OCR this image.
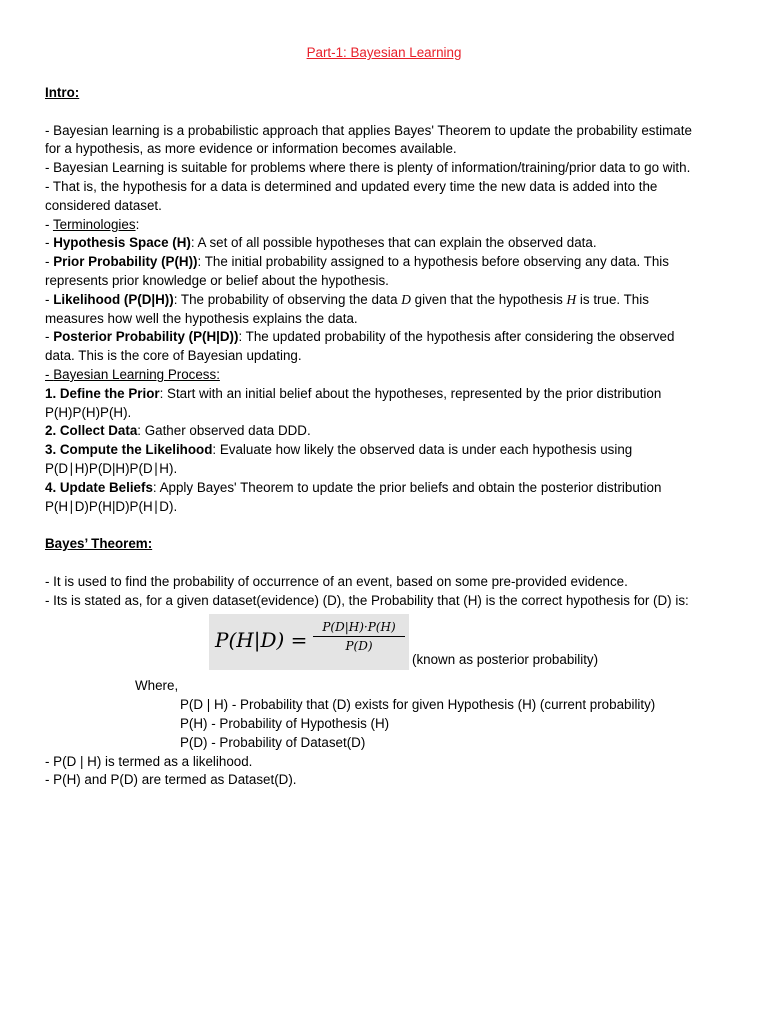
Part-1: Bayesian Learning
Intro:
- Bayesian learning is a probabilistic approach that applies Bayes' Theorem to update the probability estimate
for a hypothesis, as more evidence or information becomes available.
- Bayesian Learning is suitable for problems where there is plenty of information/training/prior data to go with.
- That is, the hypothesis for a data is determined and updated every time the new data is added into the
considered dataset.
- Terminologies:
- Hypothesis Space (H): A set of all possible hypotheses that can explain the observed data.
- Prior Probability (P(H)): The initial probability assigned to a hypothesis before observing any data. This
represents prior knowledge or belief about the hypothesis.
- Likelihood (P(D|H)): The probability of observing the data D given that the hypothesis H is true. This
measures how well the hypothesis explains the data.
- Posterior Probability (P(H|D)): The updated probability of the hypothesis after considering the observed
data. This is the core of Bayesian updating.
- Bayesian Learning Process:
1. Define the Prior: Start with an initial belief about the hypotheses, represented by the prior distribution
P(H)P(H)P(H).
2. Collect Data: Gather observed data DDD.
3. Compute the Likelihood: Evaluate how likely the observed data is under each hypothesis using
P(D∣H)P(D|H)P(D∣H).
4. Update Beliefs: Apply Bayes' Theorem to update the prior beliefs and obtain the posterior distribution
P(H∣D)P(H|D)P(H∣D).
Bayes’ Theorem:
- It is used to find the probability of occurrence of an event, based on some pre-provided evidence.
- Its is stated as, for a given dataset(evidence) (D), the Probability that (H) is the correct hypothesis for (D) is:
$P(H|D) = \frac{P(D|H)\cdot P(H)}{P(D)}$
(known as posterior probability)
Where,
P(D | H) - Probability that (D) exists for given Hypothesis (H) (current probability)
P(H) - Probability of Hypothesis (H)
P(D) - Probability of Dataset(D)
- P(D | H) is termed as a likelihood.
- P(H) and P(D) are termed as Dataset(D).
